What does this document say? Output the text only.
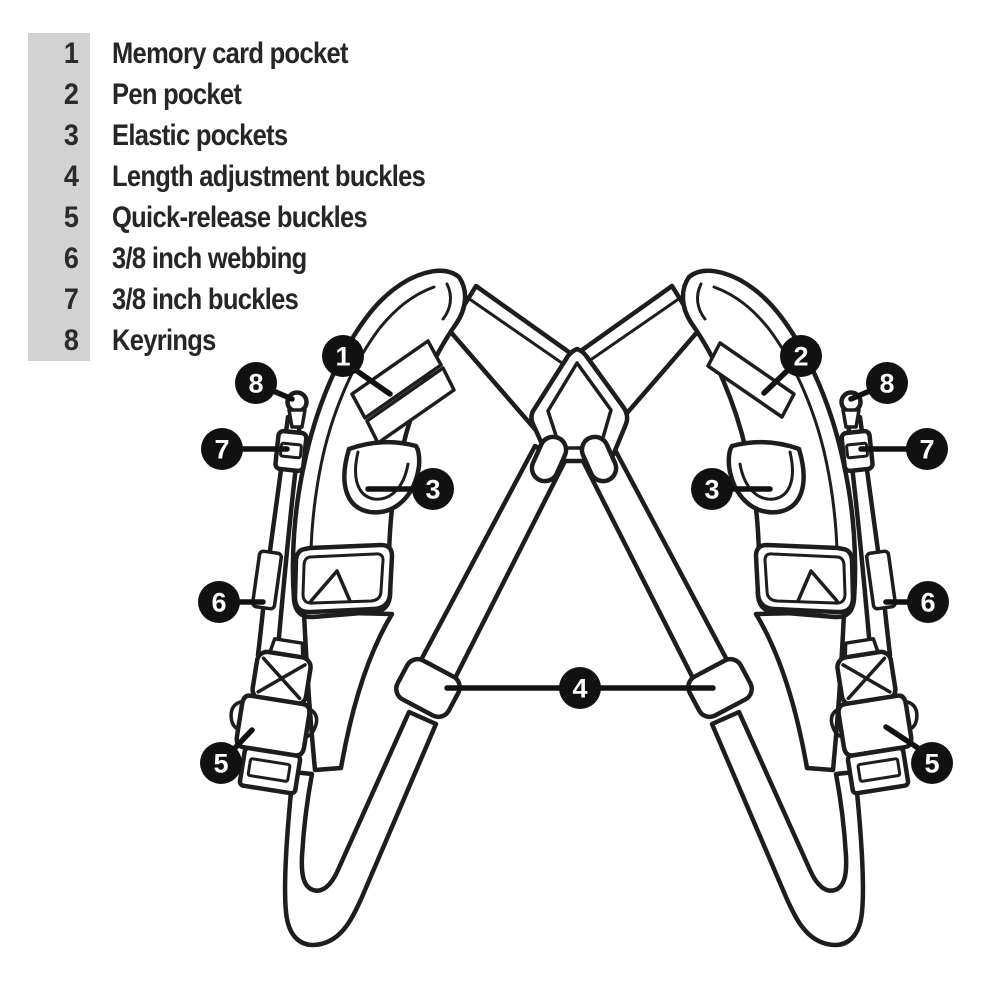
1	2
3	3
4
5	5
6	6
7	7
8	8
1 Memory card pocket
2 Pen pocket
3 Elastic pockets
4 Length adjustment buckles
5 Quick-release buckles
6 3/8 inch webbing
7 3/8 inch buckles
8 Keyrings
